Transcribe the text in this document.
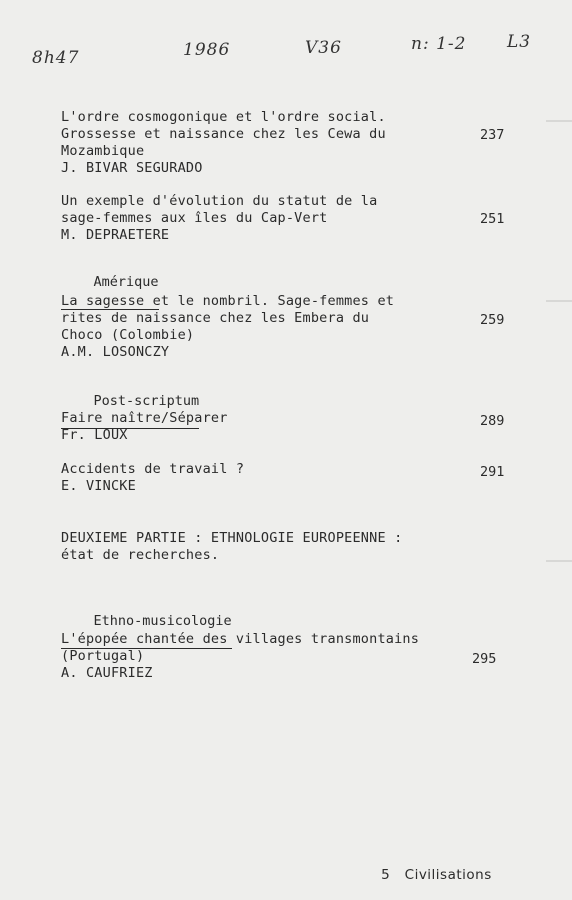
8h47	1986	V36	n: 1-2 L3
L'ordre cosmogonique et l'ordre social.
Grossesse et naissance chez les Cewa du
Mozambique
J. BIVAR SEGURADO
237
Un exemple d'évolution du statut de la
sage-femmes aux îles du Cap-Vert
M. DEPRAETERE
251

Amérique

La sagesse et le nombril. Sage-femmes et
rites de naissance chez les Embera du
Choco (Colombie)
A.M. LOSONCZY
259

Post-scriptum

Faire naître/Séparer
Fr. LOUX
289
Accidents de travail ?
E. VINCKE
291
DEUXIEME PARTIE : ETHNOLOGIE EUROPEENNE :
état de recherches.

Ethno-musicologie

L'épopée chantée des villages transmontains
(Portugal)
A. CAUFRIEZ
295

5 Civilisations
